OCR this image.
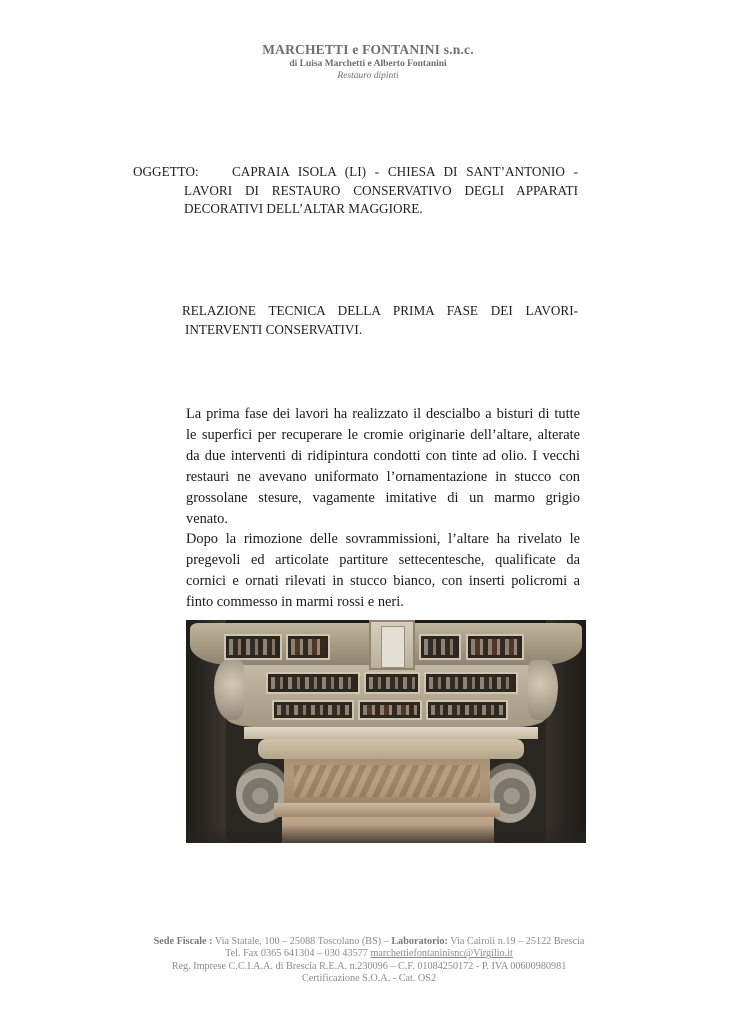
MARCHETTI e FONTANINI s.n.c.
di Luisa Marchetti e Alberto Fontanini
Restauro dipinti
OGGETTO:	CAPRAIA ISOLA (LI) - CHIESA DI SANT’ANTONIO -
LAVORI DI RESTAURO CONSERVATIVO DEGLI APPARATI
DECORATIVI DELL’ALTAR MAGGIORE.
RELAZIONE TECNICA DELLA PRIMA FASE DEI LAVORI-
INTERVENTI CONSERVATIVI.
La prima fase dei lavori ha realizzato il descialbo a bisturi di tutte
le superfici per recuperare le cromie originarie dell’altare, alterate
da due interventi di ridipintura condotti con tinte ad olio. I vecchi
restauri ne avevano uniformato l’ornamentazione in stucco con
grossolane stesure, vagamente imitative di un marmo grigio
venato.
Dopo la rimozione delle sovrammissioni, l’altare ha rivelato le
pregevoli ed articolate partiture settecentesche, qualificate da
cornici e ornati rilevati in stucco bianco, con inserti policromi a
finto commesso in marmi rossi e neri.
Sede Fiscale : Via Statale, 100 – 25088 Toscolano (BS) – Laboratorio: Via Cairoli n.19 – 25122 Brescia
Tel. Fax 0365 641304 – 030 43577 marchettiefontaninisnc@Virgilio.it
Reg. Imprese C.C.I.A.A. di Brescia R.E.A. n.230096 – C.F. 01084250172 - P. IVA 00600980981
Certificazione S.O.A. - Cat. OS2
